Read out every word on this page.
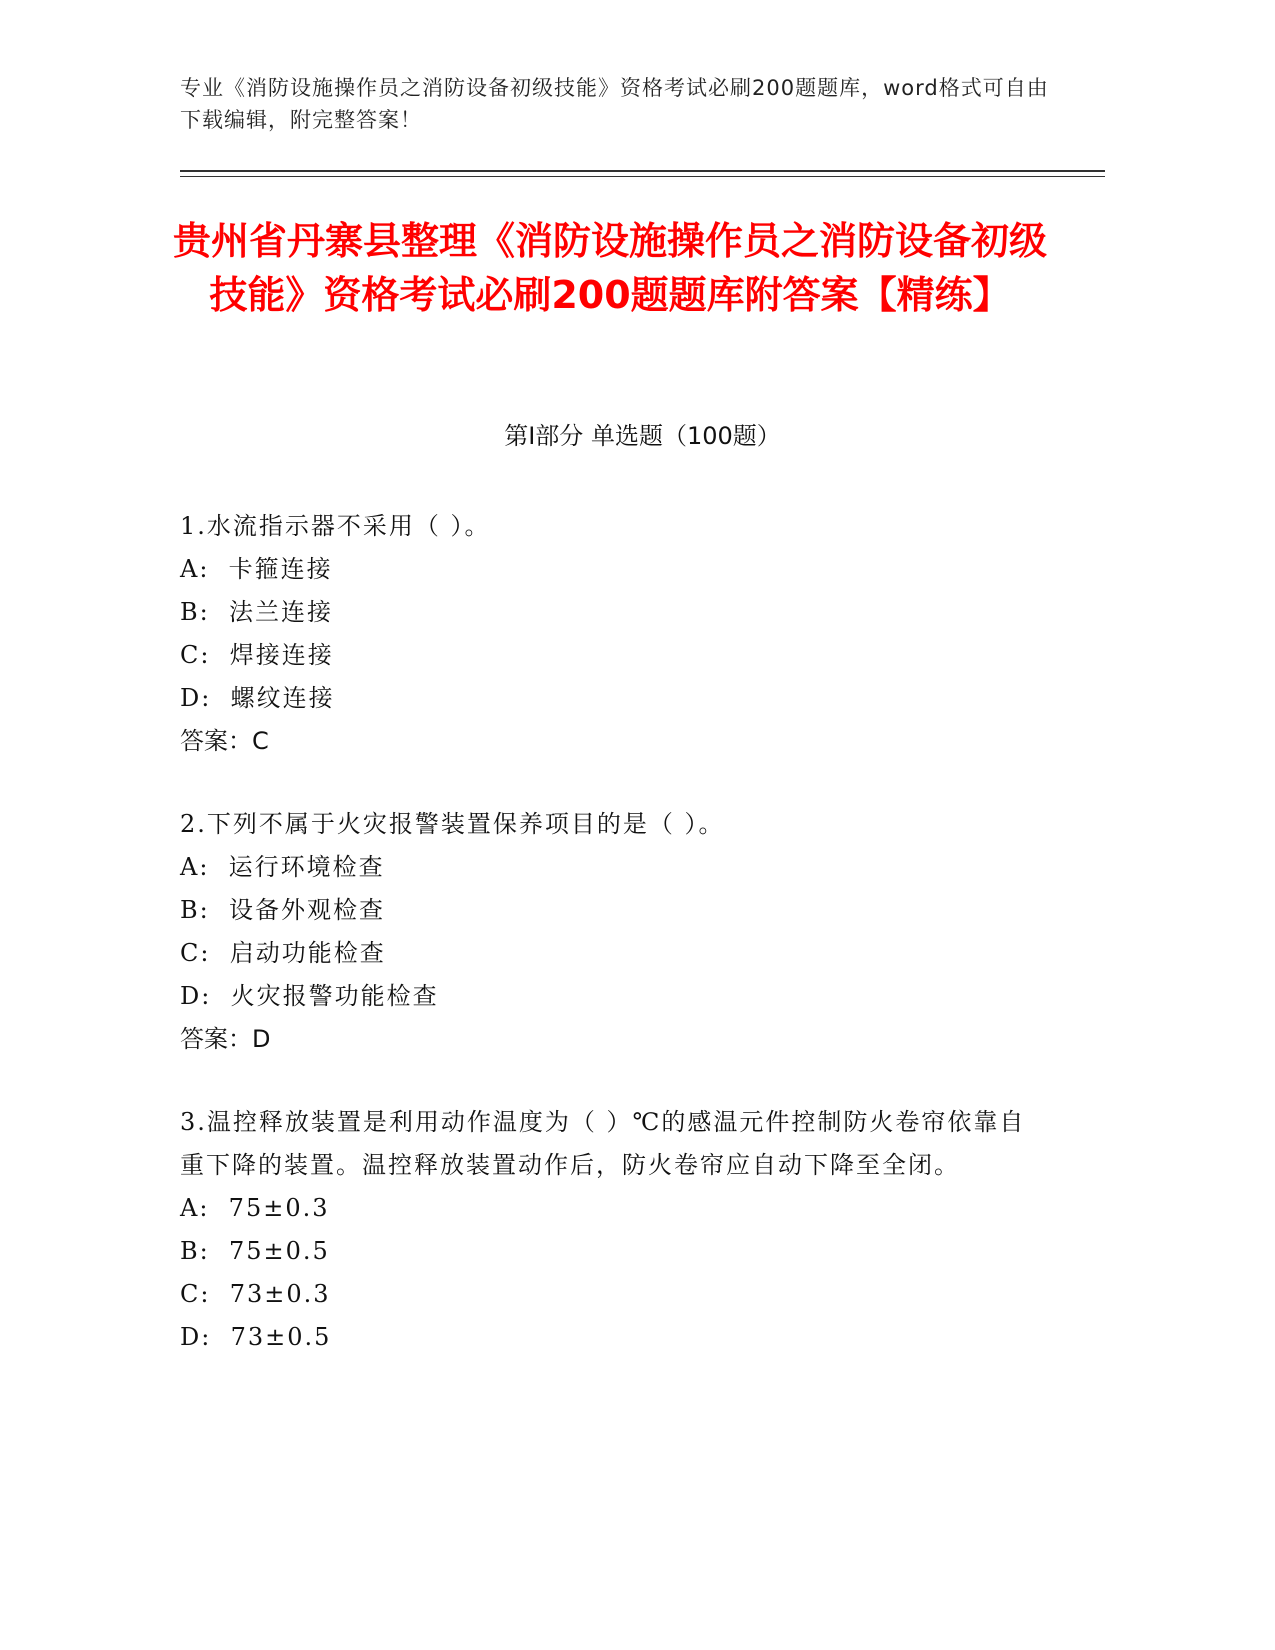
专业《消防设施操作员之消防设备初级技能》资格考试必刷200题题库，word格式可自由下载编辑，附完整答案！
贵州省丹寨县整理《消防设施操作员之消防设备初级技能》资格考试必刷200题题库附答案【精练】
第I部分 单选题（100题）

1.水流指示器不采用（ ）。

A:  卡箍连接

B:  法兰连接

C:  焊接连接

D:  螺纹连接

答案：C

2.下列不属于火灾报警装置保养项目的是（ ）。

A:  运行环境检查

B:  设备外观检查

C:  启动功能检查

D:  火灾报警功能检查

答案：D

3.温控释放装置是利用动作温度为（ ）℃的感温元件控制防火卷帘依靠自重下降的装置。温控释放装置动作后，防火卷帘应自动下降至全闭。

A:  75±0.3

B:  75±0.5

C:  73±0.3

D:  73±0.5
